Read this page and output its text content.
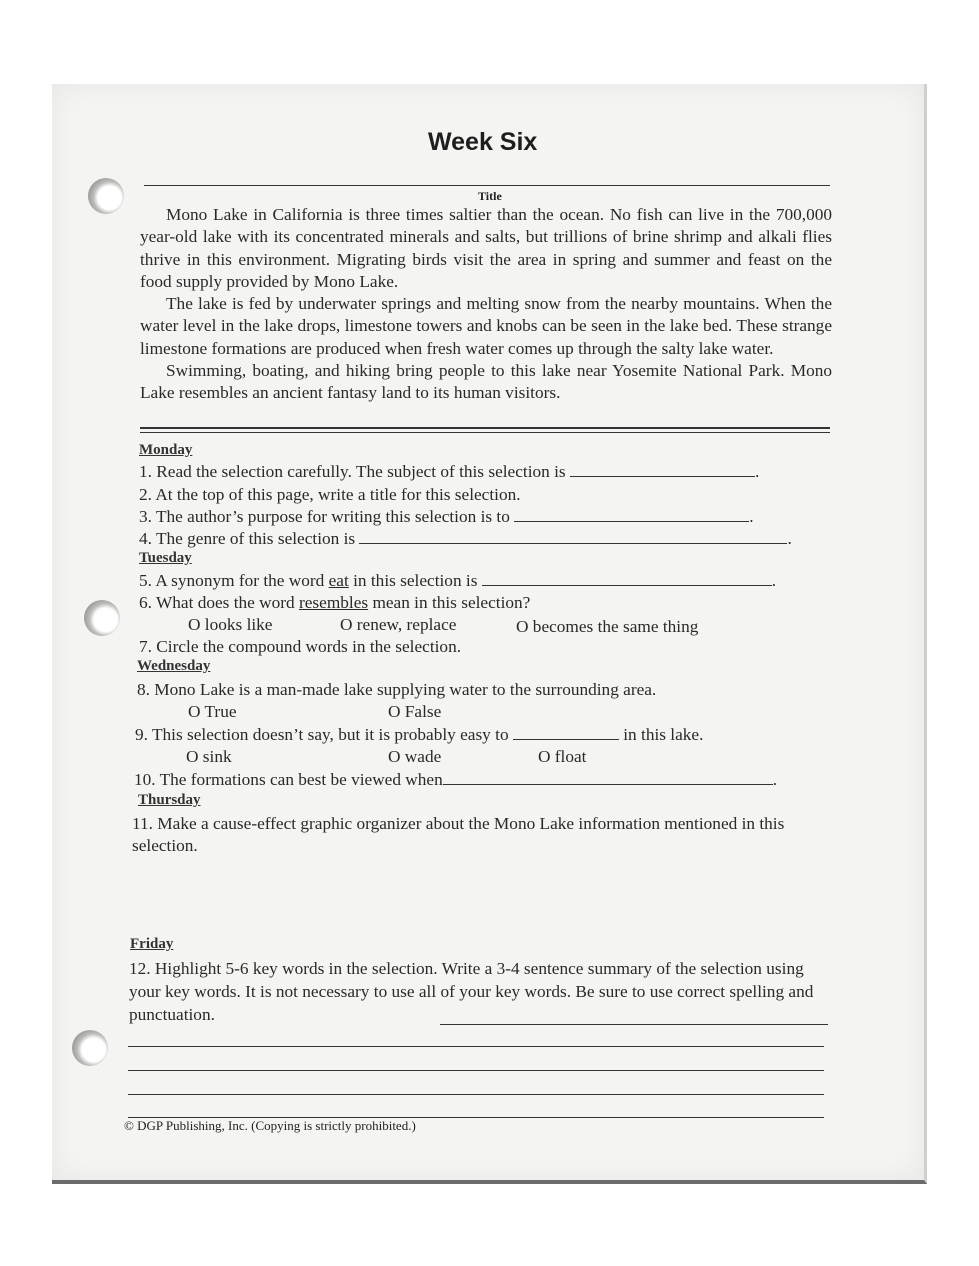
Week Six
Title

Mono Lake in California is three times saltier than the ocean. No fish can live in the 700,000 year-old lake with its concentrated minerals and salts, but trillions of brine shrimp and alkali flies thrive in this environment. Migrating birds visit the area in spring and summer and feast on the food supply provided by Mono Lake.

The lake is fed by underwater springs and melting snow from the nearby mountains. When the water level in the lake drops, limestone towers and knobs can be seen in the lake bed. These strange limestone formations are produced when fresh water comes up through the salty lake water.

Swimming, boating, and hiking bring people to this lake near Yosemite National Park. Mono Lake resembles an ancient fantasy land to its human visitors.

Monday
1. Read the selection carefully. The subject of this selection is	.
2. At the top of this page, write a title for this selection.
3. The author’s purpose for writing this selection is to	.
4. The genre of this selection is	.
Tuesday
5. A synonym for the word eat in this selection is	.
6. What does the word resembles mean in this selection?
O looks like	O renew, replace	O becomes the same thing
7. Circle the compound words in the selection.
Wednesday
8. Mono Lake is a man-made lake supplying water to the surrounding area.
O True	O False
9. This selection doesn’t say, but it is probably easy to	in this lake.
O sink	O wade	O float
10. The formations can best be viewed when	.
Thursday
11. Make a cause-effect graphic organizer about the Mono Lake information mentioned in this selection.
Friday
12. Highlight 5-6 key words in the selection. Write a 3-4 sentence summary of the selection using your key words. It is not necessary to use all of your key words. Be sure to use correct spelling and punctuation.
© DGP Publishing, Inc. (Copying is strictly prohibited.)
